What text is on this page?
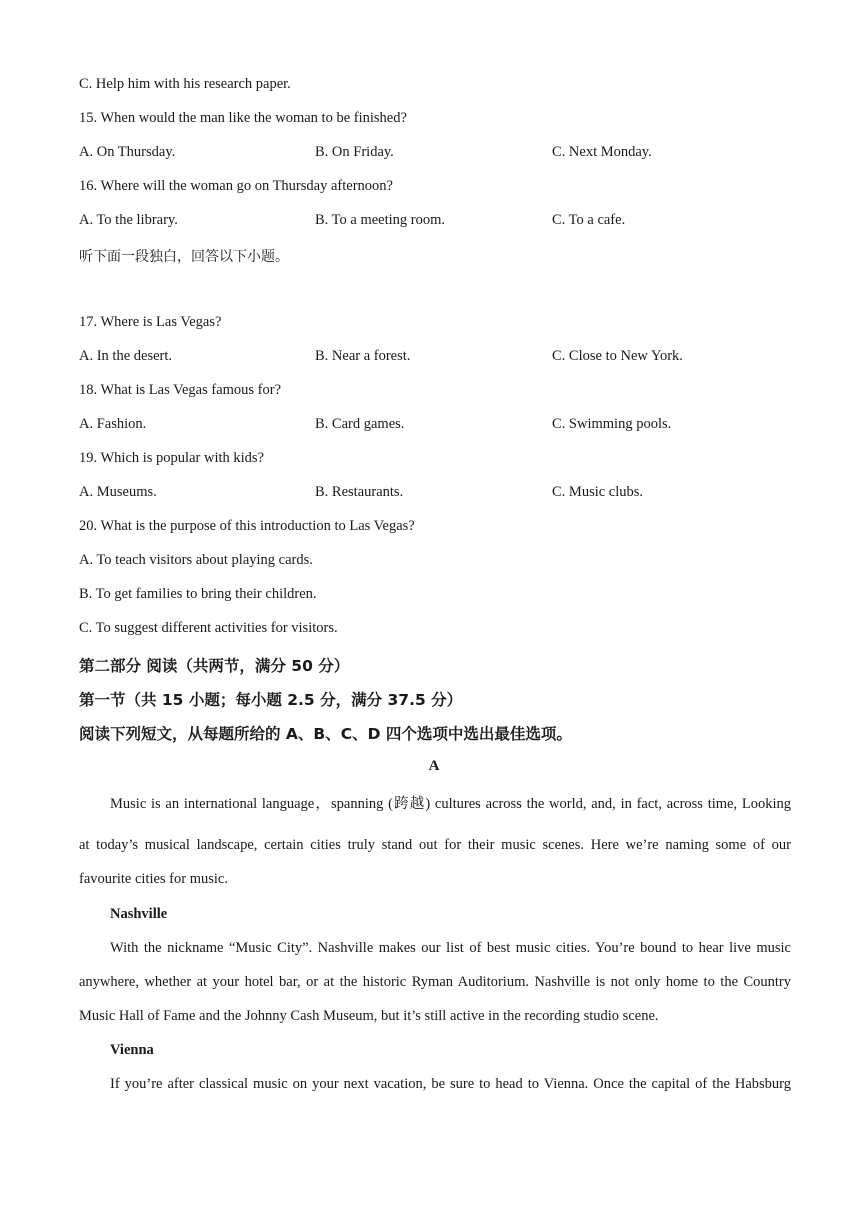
C. Help him with his research paper.
15. When would the man like the woman to be finished?
A. On Thursday.	B. On Friday.	C. Next Monday.
16. Where will the woman go on Thursday afternoon?
A. To the library.	B. To a meeting room.	C. To a cafe.
听下面一段独白，回答以下小题。
17. Where is Las Vegas?
A. In the desert.	B. Near a forest.	C. Close to New York.
18. What is Las Vegas famous for?
A. Fashion.	B. Card games.	C. Swimming pools.
19. Which is popular with kids?
A. Museums.	B. Restaurants.	C. Music clubs.
20. What is the purpose of this introduction to Las Vegas?
A. To teach visitors about playing cards.
B. To get families to bring their children.
C. To suggest different activities for visitors.
第二部分 阅读（共两节，满分 50 分）
第一节（共 15 小题；每小题 2.5 分，满分 37.5 分）
阅读下列短文，从每题所给的 A、B、C、D 四个选项中选出最佳选项。
A
Music is an international language，spanning (跨越) cultures across the world, and, in fact, across time, Looking
at today’s musical landscape, certain cities truly stand out for their music scenes. Here we’re naming some of our
favourite cities for music.
Nashville
With the nickname “Music City”. Nashville makes our list of best music cities. You’re bound to hear live music
anywhere, whether at your hotel bar, or at the historic Ryman Auditorium. Nashville is not only home to the Country
Music Hall of Fame and the Johnny Cash Museum, but it’s still active in the recording studio scene.
Vienna
If you’re after classical music on your next vacation, be sure to head to Vienna. Once the capital of the Habsburg
